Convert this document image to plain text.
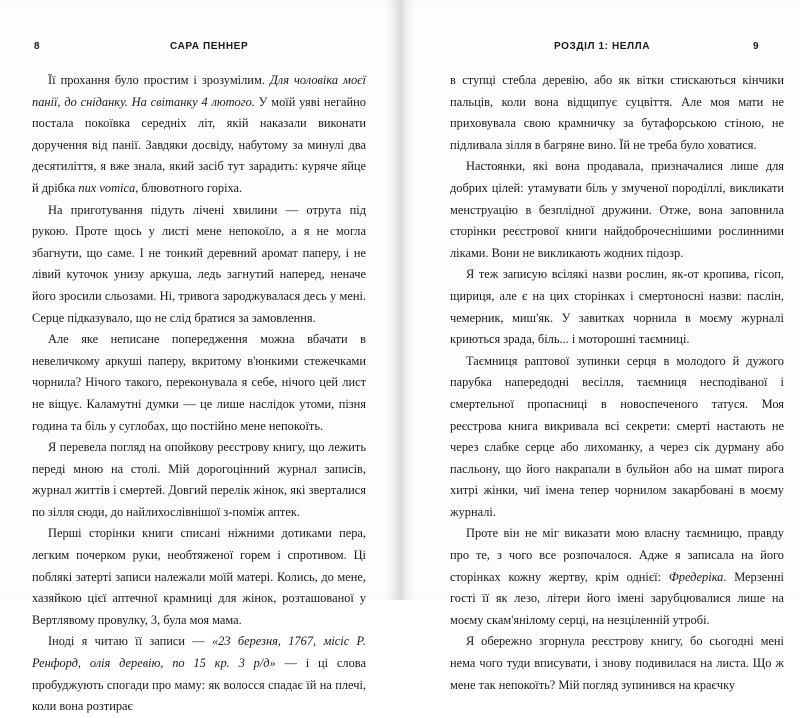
8	САРА ПЕННЕР

Її прохання було простим і зрозумілим. Для чоловіка моєї панії, до сніданку. На світанку 4 лютого. У моїй уяві негайно постала покоївка середніх літ, якій наказали виконати доручення від панії. Завдяки досвіду, набутому за минулі два десятиліття, я вже знала, який засіб тут зарадить: куряче яйце й дрібка nux vomica, блювотного горіха.

На приготування підуть лічені хвилини — отрута під рукою. Проте щось у листі мене непокоїло, а я не могла збагнути, що саме. І не тонкий деревний аромат паперу, і не лівий куточок унизу аркуша, ледь загнутий наперед, неначе його зросили сльозами. Ні, тривога зароджувалася десь у мені. Серце підказувало, що не слід братися за замовлення.

Але яке неписане попередження можна вбачати в невеличкому аркуші паперу, вкритому в'юнкими стежечками чорнила? Нічого такого, переконувала я себе, нічого цей лист не віщує. Каламутні думки — це лише наслідок утоми, пізня година та біль у суглобах, що постійно мене непокоїть.

Я перевела погляд на опойкову реєстрову книгу, що лежить переді мною на столі. Мій дорогоцінний журнал записів, журнал життів і смертей. Довгий перелік жінок, які зверталися по зілля сюди, до найлихослівнішої з-поміж аптек.

Перші сторінки книги списані ніжними дотиками пера, легким почерком руки, необтяженої горем і спротивом. Ці поблякі затерті записи належали моїй матері. Колись, до мене, хазяйкою цієї аптечної крамниці для жінок, розташованої у Вертлявому провулку, 3, була моя мама.

Іноді я читаю її записи — «23 березня, 1767, місіс Р. Ренфорд, олія деревію, по 15 кр. 3 р/д» — і ці слова пробуджують спогади про маму: як волосся спадає їй на плечі, коли вона розтирає

РОЗДІЛ 1: НЕЛЛА	9

в ступці стебла деревію, або як вітки стискаються кінчики пальців, коли вона відщипує суцвіття. Але моя мати не приховувала свою крамничку за бутафорською стіною, не підливала зілля в багряне вино. Їй не треба було ховатися.

Настоянки, які вона продавала, призначалися лише для добрих цілей: утамувати біль у змученої породіллі, викликати менструацію в безплідної дружини. Отже, вона заповнила сторінки реєстрової книги найдоброчеснішими рослинними ліками. Вони не викликають жодних підозр.

Я теж записую всілякі назви рослин, як-от кропива, гісоп, щириця, але є на цих сторінках і смертоносні назви: паслін, чемерник, миш'як. У завитках чорнила в моєму журналі криються зрада, біль... і моторошні таємниці.

Таємниця раптової зупинки серця в молодого й дужого парубка напередодні весілля, таємниця несподіваної і смертельної пропасниці в новоспеченого татуся. Моя реєстрова книга викривала всі секрети: смерті настають не через слабке серце або лихоманку, а через сік дурману або пасльону, що його накрапали в бульйон або на шмат пирога хитрі жінки, чиї імена тепер чорнилом закарбовані в моєму журналі.

Проте він не міг виказати мою власну таємницю, правду про те, з чого все розпочалося. Адже я записала на його сторінках кожну жертву, крім однієї: Фредеріка. Мерзенні гості її як лезо, літери його імені зарубцювалися лише на моєму скам'янілому серці, на незціленній утробі.

Я обережно згорнула реєстрову книгу, бо сьогодні мені нема чого туди вписувати, і знову подивилася на листа. Що ж мене так непокоїть? Мій погляд зупинився на краєчку
